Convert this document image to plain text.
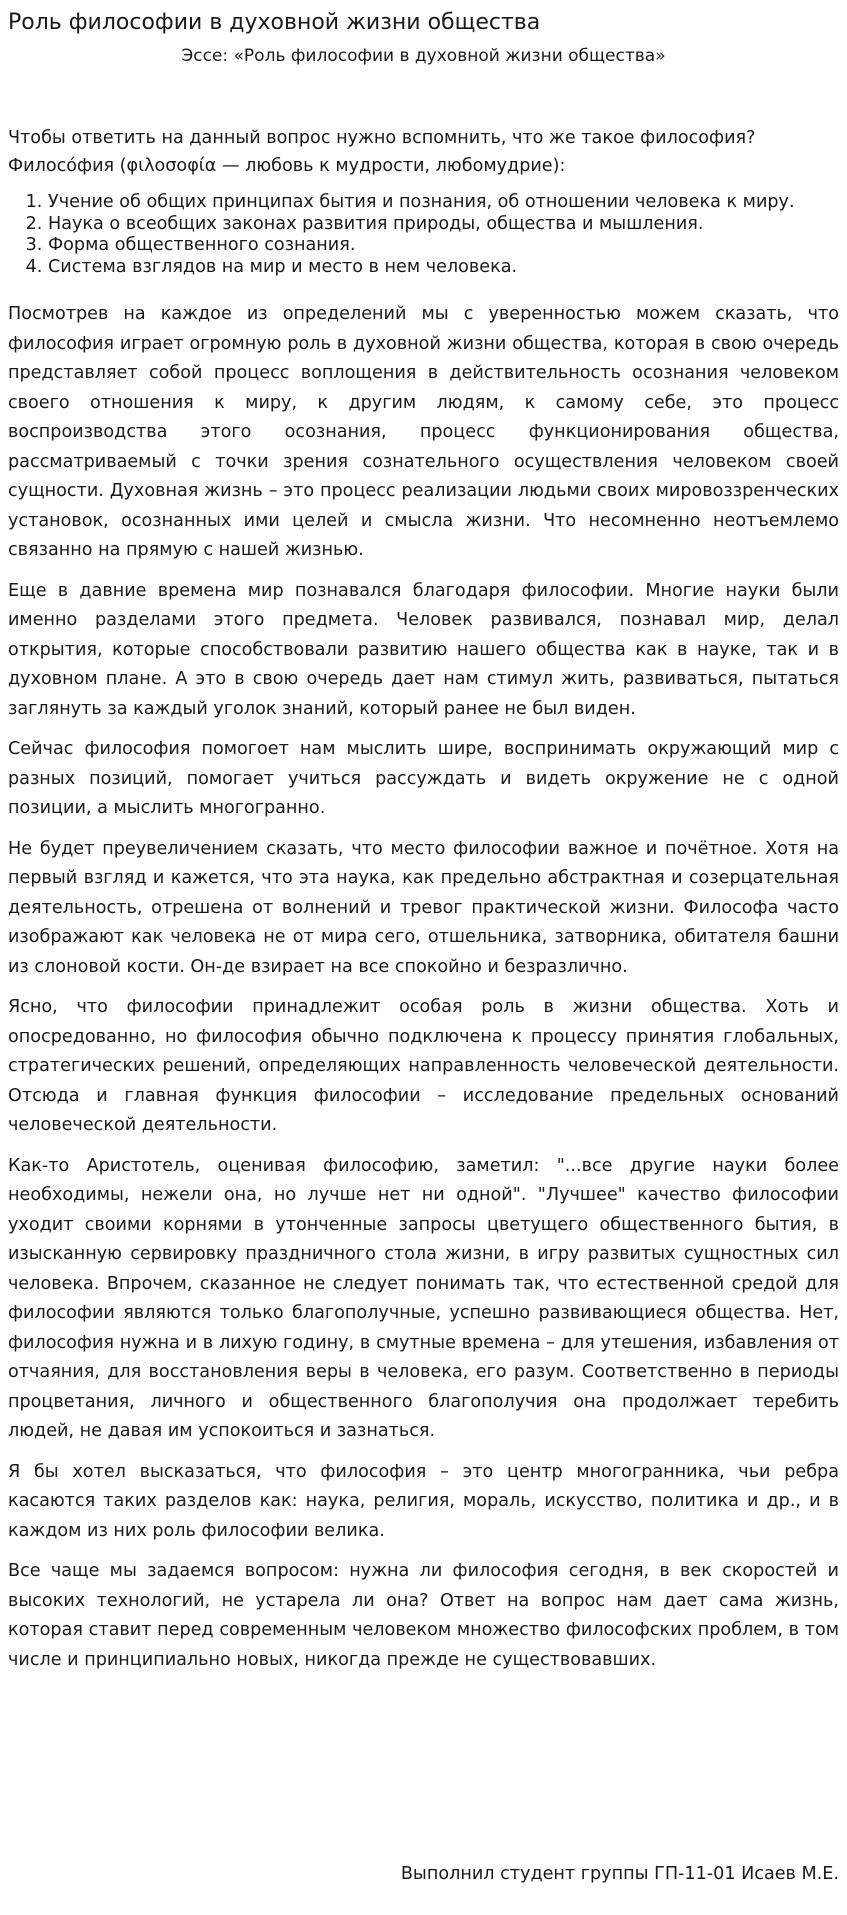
Роль философии в духовной жизни общества
Эссе: «Роль философии в духовной жизни общества»
Чтобы ответить на данный вопрос нужно вспомнить, что же такое философия?
Филосо́фия (φιλοσοφία — любовь к мудрости, любомудрие):
1. Учение об общих принципах бытия и познания, об отношении человека к миру.
2. Наука о всеобщих законах развития природы, общества и мышления.
3. Форма общественного сознания.
4. Система взглядов на мир и место в нем человека.

Посмотрев на каждое из определений мы с уверенностью можем сказать, что философия играет огромную роль в духовной жизни общества, которая в свою очередь представляет собой процесс воплощения в действительность осознания человеком своего отношения к миру, к другим людям, к самому себе, это процесс воспроизводства этого осознания, процесс функционирования общества, рассматриваемый с точки зрения сознательного осуществления человеком своей сущности. Духовная жизнь – это процесс реализации людьми своих мировоззренческих установок, осознанных ими целей и смысла жизни. Что несомненно неотъемлемо связанно на прямую с нашей жизнью.

Еще в давние времена мир познавался благодаря философии. Многие науки были именно разделами этого предмета. Человек развивался, познавал мир, делал открытия, которые способствовали развитию нашего общества как в науке, так и в духовном плане. А это в свою очередь дает нам стимул жить, развиваться, пытаться заглянуть за каждый уголок знаний, который ранее не был виден.

Сейчас философия помогоет нам мыслить шире, воспринимать окружающий мир с разных позиций, помогает учиться рассуждать и видеть окружение не с одной позиции, а мыслить многогранно.

Не будет преувеличением сказать, что место философии важное и почётное. Хотя на первый взгляд и кажется, что эта наука, как предельно абстрактная и созерцательная деятельность, отрешена от волнений и тревог практической жизни. Философа часто изображают как человека не от мира сего, отшельника, затворника, обитателя башни из слоновой кости. Он-де взирает на все спокойно и безразлично.

Ясно, что философии принадлежит особая роль в жизни общества. Хоть и опосредованно, но философия обычно подключена к процессу принятия глобальных, стратегических решений, определяющих направленность человеческой деятельности. Отсюда и главная функция философии – исследование предельных оснований человеческой деятельности.

Как-то Аристотель, оценивая философию, заметил: "...все другие науки более необходимы, нежели она, но лучше нет ни одной". "Лучшее" качество философии уходит своими корнями в утонченные запросы цветущего общественного бытия, в изысканную сервировку праздничного стола жизни, в игру развитых сущностных сил человека. Впрочем, сказанное не следует понимать так, что естественной средой для философии являются только благополучные, успешно развивающиеся общества. Нет, философия нужна и в лихую годину, в смутные времена – для утешения, избавления от отчаяния, для восстановления веры в человека, его разум. Соответственно в периоды процветания, личного и общественного благополучия она продолжает теребить людей, не давая им успокоиться и зазнаться.

Я бы хотел высказаться, что философия – это центр многогранника, чьи ребра касаются таких разделов как: наука, религия, мораль, искусство, политика и др., и в каждом из них роль философии велика.

Все чаще мы задаемся вопросом: нужна ли философия сегодня, в век скоростей и высоких технологий, не устарела ли она? Ответ на вопрос нам дает сама жизнь, которая ставит перед современным человеком множество философских проблем, в том числе и принципиально новых, никогда прежде не существовавших.

Выполнил студент группы ГП-11-01 Исаев М.Е.
